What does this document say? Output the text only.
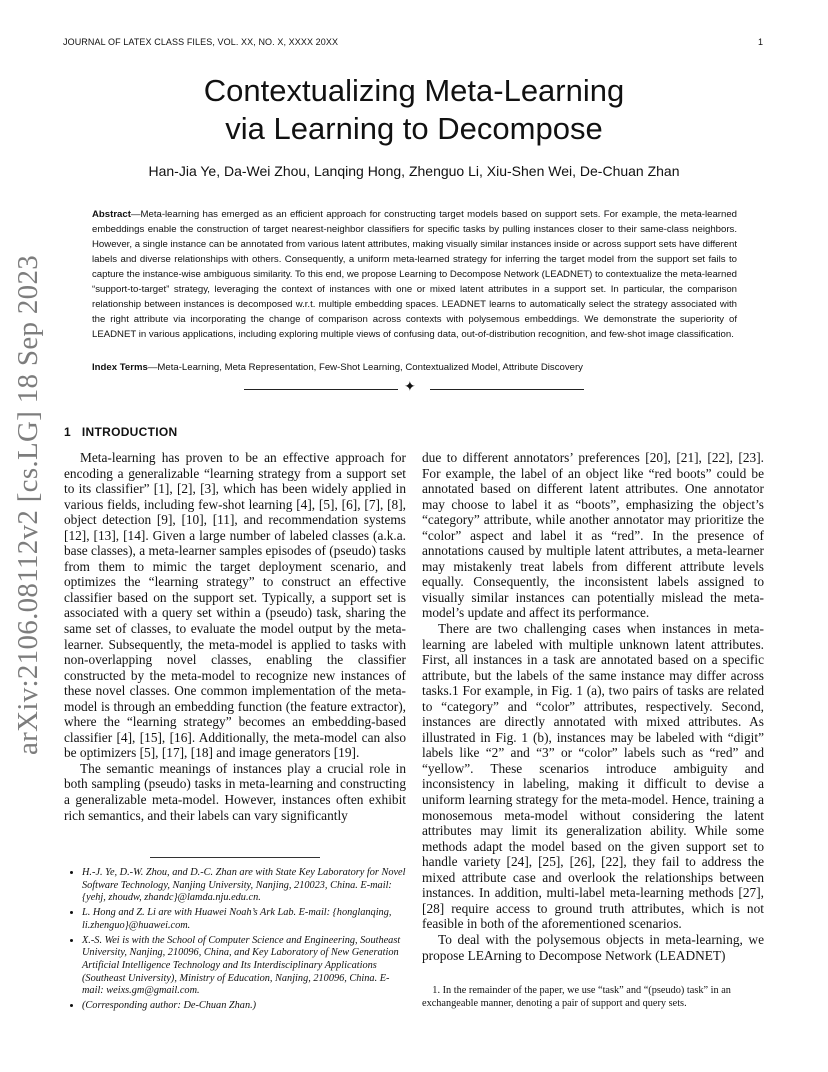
JOURNAL OF LATEX CLASS FILES, VOL. XX, NO. X, XXXX 20XX	1
arXiv:2106.08112v2 [cs.LG] 18 Sep 2023
Contextualizing Meta-Learning
via Learning to Decompose
Han-Jia Ye, Da-Wei Zhou, Lanqing Hong, Zhenguo Li, Xiu-Shen Wei, De-Chuan Zhan
Abstract—Meta-learning has emerged as an efficient approach for constructing target models based on support sets. For example, the meta-learned embeddings enable the construction of target nearest-neighbor classifiers for specific tasks by pulling instances closer to their same-class neighbors. However, a single instance can be annotated from various latent attributes, making visually similar instances inside or across support sets have different labels and diverse relationships with others. Consequently, a uniform meta-learned strategy for inferring the target model from the support set fails to capture the instance-wise ambiguous similarity. To this end, we propose Learning to Decompose Network (LEADNET) to contextualize the meta-learned “support-to-target” strategy, leveraging the context of instances with one or mixed latent attributes in a support set. In particular, the comparison relationship between instances is decomposed w.r.t. multiple embedding spaces. LEADNET learns to automatically select the strategy associated with the right attribute via incorporating the change of comparison across contexts with polysemous embeddings. We demonstrate the superiority of LEADNET in various applications, including exploring multiple views of confusing data, out-of-distribution recognition, and few-shot image classification.
Index Terms—Meta-Learning, Meta Representation, Few-Shot Learning, Contextualized Model, Attribute Discovery
✦
1 INTRODUCTION

Meta-learning has proven to be an effective approach for encoding a generalizable “learning strategy from a support set to its classifier” [1], [2], [3], which has been widely applied in various fields, including few-shot learning [4], [5], [6], [7], [8], object detection [9], [10], [11], and recommendation systems [12], [13], [14]. Given a large number of labeled classes (a.k.a. base classes), a meta-learner samples episodes of (pseudo) tasks from them to mimic the target deployment scenario, and optimizes the “learning strategy” to construct an effective classifier based on the support set. Typically, a support set is associated with a query set within a (pseudo) task, sharing the same set of classes, to evaluate the model output by the meta-learner. Subsequently, the meta-model is applied to tasks with non-overlapping novel classes, enabling the classifier constructed by the meta-model to recognize new instances of these novel classes. One common implementation of the meta-model is through an embedding function (the feature extractor), where the “learning strategy” becomes an embedding-based classifier [4], [15], [16]. Additionally, the meta-model can also be optimizers [5], [17], [18] and image generators [19].

The semantic meanings of instances play a crucial role in both sampling (pseudo) tasks in meta-learning and constructing a generalizable meta-model. However, instances often exhibit rich semantics, and their labels can vary significantly

• H.-J. Ye, D.-W. Zhou, and D.-C. Zhan are with State Key Laboratory for Novel Software Technology, Nanjing University, Nanjing, 210023, China. E-mail: {yehj, zhoudw, zhandc}@lamda.nju.edu.cn.
• L. Hong and Z. Li are with Huawei Noah’s Ark Lab. E-mail: {honglanqing, li.zhenguo}@huawei.com.
• X.-S. Wei is with the School of Computer Science and Engineering, Southeast University, Nanjing, 210096, China, and Key Laboratory of New Generation Artificial Intelligence Technology and Its Interdisciplinary Applications (Southeast University), Ministry of Education, Nanjing, 210096, China. E-mail: weixs.gm@gmail.com.
• (Corresponding author: De-Chuan Zhan.)

due to different annotators’ preferences [20], [21], [22], [23]. For example, the label of an object like “red boots” could be annotated based on different latent attributes. One annotator may choose to label it as “boots”, emphasizing the object’s “category” attribute, while another annotator may prioritize the “color” aspect and label it as “red”. In the presence of annotations caused by multiple latent attributes, a meta-learner may mistakenly treat labels from different attribute levels equally. Consequently, the inconsistent labels assigned to visually similar instances can potentially mislead the meta-model’s update and affect its performance.

There are two challenging cases when instances in meta-learning are labeled with multiple unknown latent attributes. First, all instances in a task are annotated based on a specific attribute, but the labels of the same instance may differ across tasks.1 For example, in Fig. 1 (a), two pairs of tasks are related to “category” and “color” attributes, respectively. Second, instances are directly annotated with mixed attributes. As illustrated in Fig. 1 (b), instances may be labeled with “digit” labels like “2” and “3” or “color” labels such as “red” and “yellow”. These scenarios introduce ambiguity and inconsistency in labeling, making it difficult to devise a uniform learning strategy for the meta-model. Hence, training a monosemous meta-model without considering the latent attributes may limit its generalization ability. While some methods adapt the model based on the given support set to handle variety [24], [25], [26], [22], they fail to address the mixed attribute case and overlook the relationships between instances. In addition, multi-label meta-learning methods [27], [28] require access to ground truth attributes, which is not feasible in both of the aforementioned scenarios.

To deal with the polysemous objects in meta-learning, we propose LEArning to Decompose Network (LEADNET)

1. In the remainder of the paper, we use “task” and “(pseudo) task” in an exchangeable manner, denoting a pair of support and query sets.
